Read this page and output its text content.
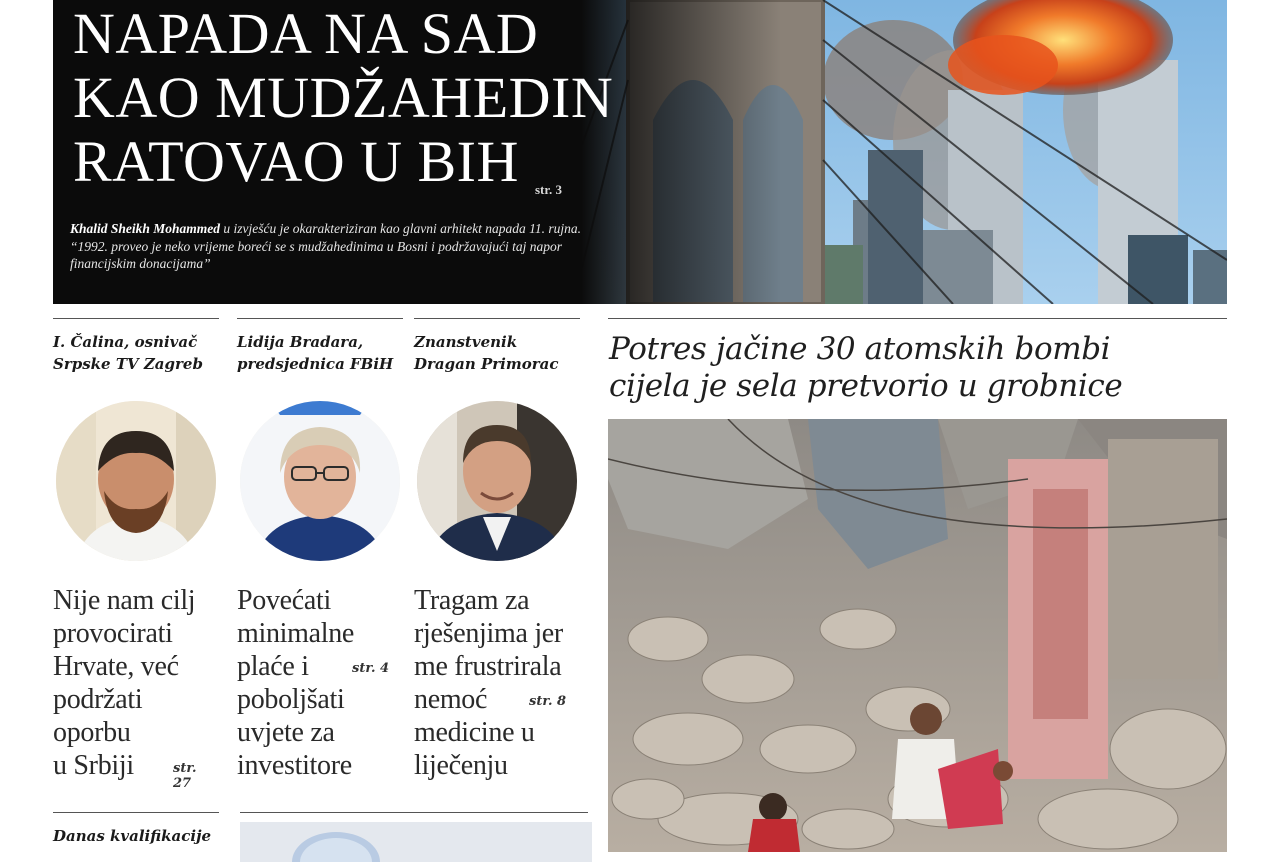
NAPADA NA SAD
KAO MUDŽAHEDIN
RATOVAO U BIH	str. 3
Khalid Sheikh Mohammed u izvješću je okarakteriziran kao glavni arhitekt napada 11. rujna. “1992. proveo je neko vrijeme boreći se s mudžahedinima u Bosni i podržavajući taj napor financijskim donacijama”
I. Čalina, osnivač
Srpske TV Zagreb
Nije nam cilj
provocirati
Hrvate, već
podržati
oporbu
u Srbiji	str. 27
Lidija Bradara,
predsjednica FBiH
Povećati
minimalne
plaće i
poboljšati
uvjete za
investitore
str. 4
Znanstvenik
Dragan Primorac
Tragam za
rješenjima jer
me frustrirala
nemoć
medicine u
liječenju
str. 8
Danas kvalifikacije
Potres jačine 30 atomskih bombi
cijela je sela pretvorio u grobnice
